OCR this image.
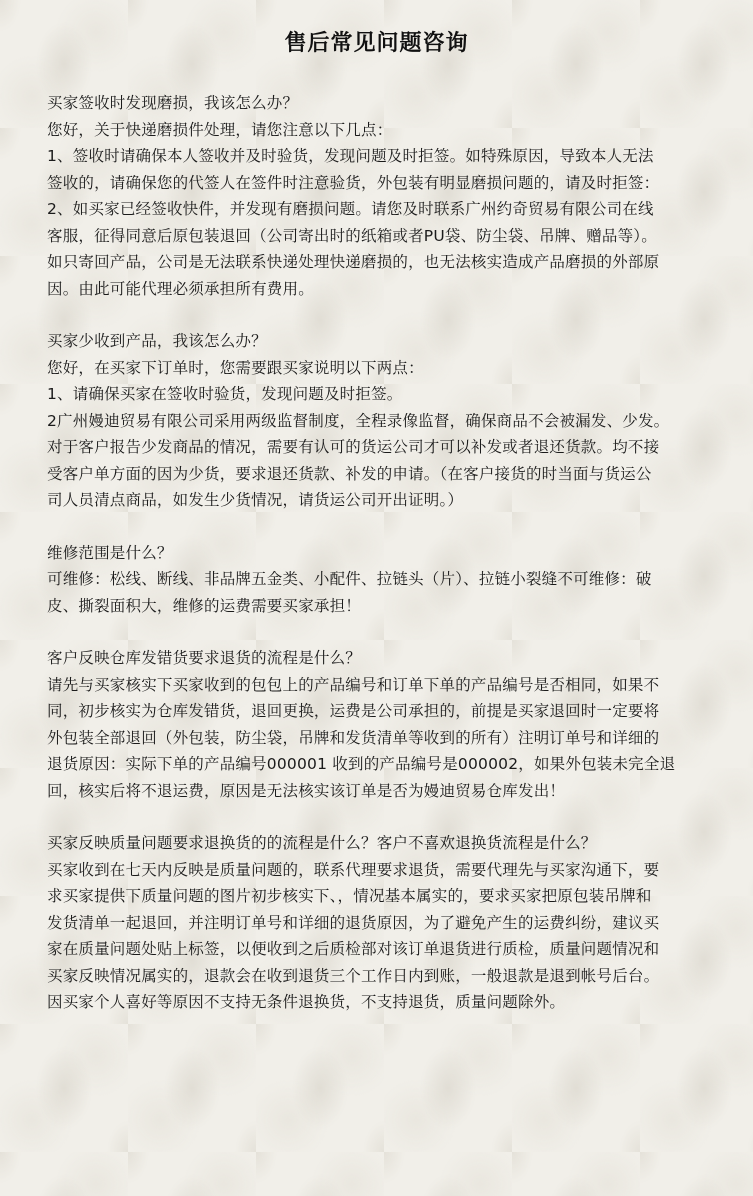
售后常见问题咨询
买家签收时发现磨损，我该怎么办？
您好，关于快递磨损件处理，请您注意以下几点：
1、签收时请确保本人签收并及时验货，发现问题及时拒签。如特殊原因，导致本人无法
签收的，请确保您的代签人在签件时注意验货，外包装有明显磨损问题的，请及时拒签：
2、如买家已经签收快件，并发现有磨损问题。请您及时联系广州约奇贸易有限公司在线
客服，征得同意后原包装退回（公司寄出时的纸箱或者PU袋、防尘袋、吊牌、赠品等）。
如只寄回产品，公司是无法联系快递处理快递磨损的，也无法核实造成产品磨损的外部原
因。由此可能代理必须承担所有费用。
买家少收到产品，我该怎么办？
您好，在买家下订单时，您需要跟买家说明以下两点：
1、请确保买家在签收时验货，发现问题及时拒签。
2广州嫚迪贸易有限公司采用两级监督制度，全程录像监督，确保商品不会被漏发、少发。
对于客户报告少发商品的情况，需要有认可的货运公司才可以补发或者退还货款。均不接
受客户单方面的因为少货，要求退还货款、补发的申请。（在客户接货的时当面与货运公
司人员清点商品，如发生少货情况，请货运公司开出证明。）
维修范围是什么？
可维修：松线、断线、非品牌五金类、小配件、拉链头（片）、拉链小裂缝不可维修：破
皮、撕裂面积大，维修的运费需要买家承担！
客户反映仓库发错货要求退货的流程是什么？
请先与买家核实下买家收到的包包上的产品编号和订单下单的产品编号是否相同，如果不
同，初步核实为仓库发错货，退回更换，运费是公司承担的，前提是买家退回时一定要将
外包装全部退回（外包装，防尘袋，吊牌和发货清单等收到的所有）注明订单号和详细的
退货原因：实际下单的产品编号000001 收到的产品编号是000002，如果外包装未完全退
回，核实后将不退运费，原因是无法核实该订单是否为嫚迪贸易仓库发出！
买家反映质量问题要求退换货的的流程是什么？客户不喜欢退换货流程是什么？
买家收到在七天内反映是质量问题的，联系代理要求退货，需要代理先与买家沟通下，要
求买家提供下质量问题的图片初步核实下、，情况基本属实的，要求买家把原包装吊牌和
发货清单一起退回，并注明订单号和详细的退货原因，为了避免产生的运费纠纷，建议买
家在质量问题处贴上标签，以便收到之后质检部对该订单退货进行质检，质量问题情况和
买家反映情况属实的，退款会在收到退货三个工作日内到账，一般退款是退到帐号后台。
因买家个人喜好等原因不支持无条件退换货，不支持退货，质量问题除外。
